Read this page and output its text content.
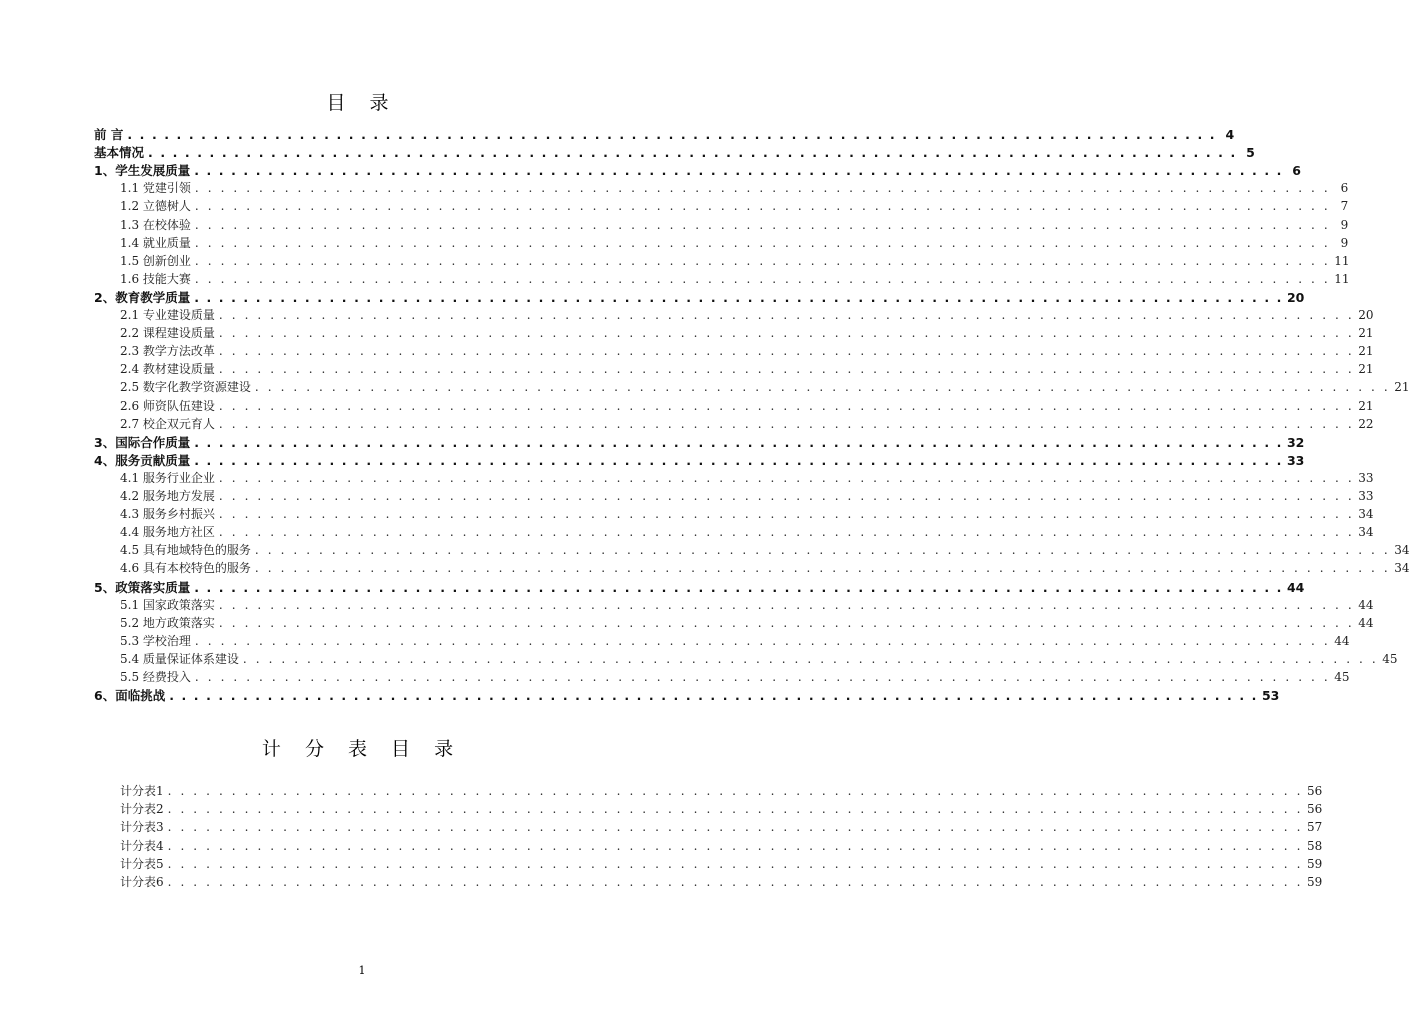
目 录
前 言 . . . . . . . . . . . . . . . . . . . . . . . . . . . . . . . . . . . . . . . . . . . . . . . . . . . . . . . . . . . . . . . . . . . . . . . . . . . . . . . . . . . . . . . . . 4
基本情况 . . . . . . . . . . . . . . . . . . . . . . . . . . . . . . . . . . . . . . . . . . . . . . . . . . . . . . . . . . . . . . . . . . . . . . . . . . . . . . . . . . . . . . . . . 5
1、学生发展质量 . . . . . . . . . . . . . . . . . . . . . . . . . . . . . . . . . . . . . . . . . . . . . . . . . . . . . . . . . . . . . . . . . . . . . . . . . . . . . . . . . . . . . . . . . 6
1.1 党建引领 . . . . . . . . . . . . . . . . . . . . . . . . . . . . . . . . . . . . . . . . . . . . . . . . . . . . . . . . . . . . . . . . . . . . . . . . . . . . . . . . . . . . . . . . . 6
1.2 立德树人 . . . . . . . . . . . . . . . . . . . . . . . . . . . . . . . . . . . . . . . . . . . . . . . . . . . . . . . . . . . . . . . . . . . . . . . . . . . . . . . . . . . . . . . . . 7
1.3 在校体验 . . . . . . . . . . . . . . . . . . . . . . . . . . . . . . . . . . . . . . . . . . . . . . . . . . . . . . . . . . . . . . . . . . . . . . . . . . . . . . . . . . . . . . . . . 9
1.4 就业质量 . . . . . . . . . . . . . . . . . . . . . . . . . . . . . . . . . . . . . . . . . . . . . . . . . . . . . . . . . . . . . . . . . . . . . . . . . . . . . . . . . . . . . . . . . 9
1.5 创新创业 . . . . . . . . . . . . . . . . . . . . . . . . . . . . . . . . . . . . . . . . . . . . . . . . . . . . . . . . . . . . . . . . . . . . . . . . . . . . . . . . . . . . . . . . . 11
1.6 技能大赛 . . . . . . . . . . . . . . . . . . . . . . . . . . . . . . . . . . . . . . . . . . . . . . . . . . . . . . . . . . . . . . . . . . . . . . . . . . . . . . . . . . . . . . . . . 11
2、教育教学质量 . . . . . . . . . . . . . . . . . . . . . . . . . . . . . . . . . . . . . . . . . . . . . . . . . . . . . . . . . . . . . . . . . . . . . . . . . . . . . . . . . . . . . . . . . 20
2.1 专业建设质量 . . . . . . . . . . . . . . . . . . . . . . . . . . . . . . . . . . . . . . . . . . . . . . . . . . . . . . . . . . . . . . . . . . . . . . . . . . . . . . . . . . . . . . . . . 20
2.2 课程建设质量 . . . . . . . . . . . . . . . . . . . . . . . . . . . . . . . . . . . . . . . . . . . . . . . . . . . . . . . . . . . . . . . . . . . . . . . . . . . . . . . . . . . . . . . . . 21
2.3 教学方法改革 . . . . . . . . . . . . . . . . . . . . . . . . . . . . . . . . . . . . . . . . . . . . . . . . . . . . . . . . . . . . . . . . . . . . . . . . . . . . . . . . . . . . . . . . . 21
2.4 教材建设质量 . . . . . . . . . . . . . . . . . . . . . . . . . . . . . . . . . . . . . . . . . . . . . . . . . . . . . . . . . . . . . . . . . . . . . . . . . . . . . . . . . . . . . . . . . 21
2.5 数字化教学资源建设 . . . . . . . . . . . . . . . . . . . . . . . . . . . . . . . . . . . . . . . . . . . . . . . . . . . . . . . . . . . . . . . . . . . . . . . . . . . . . . . . . . . . . . . . . 21
2.6 师资队伍建设 . . . . . . . . . . . . . . . . . . . . . . . . . . . . . . . . . . . . . . . . . . . . . . . . . . . . . . . . . . . . . . . . . . . . . . . . . . . . . . . . . . . . . . . . . 21
2.7 校企双元育人 . . . . . . . . . . . . . . . . . . . . . . . . . . . . . . . . . . . . . . . . . . . . . . . . . . . . . . . . . . . . . . . . . . . . . . . . . . . . . . . . . . . . . . . . . 22
3、国际合作质量 . . . . . . . . . . . . . . . . . . . . . . . . . . . . . . . . . . . . . . . . . . . . . . . . . . . . . . . . . . . . . . . . . . . . . . . . . . . . . . . . . . . . . . . . . 32
4、服务贡献质量 . . . . . . . . . . . . . . . . . . . . . . . . . . . . . . . . . . . . . . . . . . . . . . . . . . . . . . . . . . . . . . . . . . . . . . . . . . . . . . . . . . . . . . . . . 33
4.1 服务行业企业 . . . . . . . . . . . . . . . . . . . . . . . . . . . . . . . . . . . . . . . . . . . . . . . . . . . . . . . . . . . . . . . . . . . . . . . . . . . . . . . . . . . . . . . . . 33
4.2 服务地方发展 . . . . . . . . . . . . . . . . . . . . . . . . . . . . . . . . . . . . . . . . . . . . . . . . . . . . . . . . . . . . . . . . . . . . . . . . . . . . . . . . . . . . . . . . . 33
4.3 服务乡村振兴 . . . . . . . . . . . . . . . . . . . . . . . . . . . . . . . . . . . . . . . . . . . . . . . . . . . . . . . . . . . . . . . . . . . . . . . . . . . . . . . . . . . . . . . . . 34
4.4 服务地方社区 . . . . . . . . . . . . . . . . . . . . . . . . . . . . . . . . . . . . . . . . . . . . . . . . . . . . . . . . . . . . . . . . . . . . . . . . . . . . . . . . . . . . . . . . . 34
4.5 具有地域特色的服务 . . . . . . . . . . . . . . . . . . . . . . . . . . . . . . . . . . . . . . . . . . . . . . . . . . . . . . . . . . . . . . . . . . . . . . . . . . . . . . . . . . . . . . . . . 34
4.6 具有本校特色的服务 . . . . . . . . . . . . . . . . . . . . . . . . . . . . . . . . . . . . . . . . . . . . . . . . . . . . . . . . . . . . . . . . . . . . . . . . . . . . . . . . . . . . . . . . . 34
5、政策落实质量 . . . . . . . . . . . . . . . . . . . . . . . . . . . . . . . . . . . . . . . . . . . . . . . . . . . . . . . . . . . . . . . . . . . . . . . . . . . . . . . . . . . . . . . . . 44
5.1 国家政策落实 . . . . . . . . . . . . . . . . . . . . . . . . . . . . . . . . . . . . . . . . . . . . . . . . . . . . . . . . . . . . . . . . . . . . . . . . . . . . . . . . . . . . . . . . . 44
5.2 地方政策落实 . . . . . . . . . . . . . . . . . . . . . . . . . . . . . . . . . . . . . . . . . . . . . . . . . . . . . . . . . . . . . . . . . . . . . . . . . . . . . . . . . . . . . . . . . 44
5.3 学校治理 . . . . . . . . . . . . . . . . . . . . . . . . . . . . . . . . . . . . . . . . . . . . . . . . . . . . . . . . . . . . . . . . . . . . . . . . . . . . . . . . . . . . . . . . . 44
5.4 质量保证体系建设 . . . . . . . . . . . . . . . . . . . . . . . . . . . . . . . . . . . . . . . . . . . . . . . . . . . . . . . . . . . . . . . . . . . . . . . . . . . . . . . . . . . . . . . . . 45
5.5 经费投入 . . . . . . . . . . . . . . . . . . . . . . . . . . . . . . . . . . . . . . . . . . . . . . . . . . . . . . . . . . . . . . . . . . . . . . . . . . . . . . . . . . . . . . . . . 45
6、面临挑战 . . . . . . . . . . . . . . . . . . . . . . . . . . . . . . . . . . . . . . . . . . . . . . . . . . . . . . . . . . . . . . . . . . . . . . . . . . . . . . . . . . . . . . . . . 53
计 分 表 目 录
计分表1 . . . . . . . . . . . . . . . . . . . . . . . . . . . . . . . . . . . . . . . . . . . . . . . . . . . . . . . . . . . . . . . . . . . . . . . . . . . . . . . . . . . . . . . . . 56
计分表2 . . . . . . . . . . . . . . . . . . . . . . . . . . . . . . . . . . . . . . . . . . . . . . . . . . . . . . . . . . . . . . . . . . . . . . . . . . . . . . . . . . . . . . . . . 56
计分表3 . . . . . . . . . . . . . . . . . . . . . . . . . . . . . . . . . . . . . . . . . . . . . . . . . . . . . . . . . . . . . . . . . . . . . . . . . . . . . . . . . . . . . . . . . 57
计分表4 . . . . . . . . . . . . . . . . . . . . . . . . . . . . . . . . . . . . . . . . . . . . . . . . . . . . . . . . . . . . . . . . . . . . . . . . . . . . . . . . . . . . . . . . . 58
计分表5 . . . . . . . . . . . . . . . . . . . . . . . . . . . . . . . . . . . . . . . . . . . . . . . . . . . . . . . . . . . . . . . . . . . . . . . . . . . . . . . . . . . . . . . . . 59
计分表6 . . . . . . . . . . . . . . . . . . . . . . . . . . . . . . . . . . . . . . . . . . . . . . . . . . . . . . . . . . . . . . . . . . . . . . . . . . . . . . . . . . . . . . . . . 59
1
